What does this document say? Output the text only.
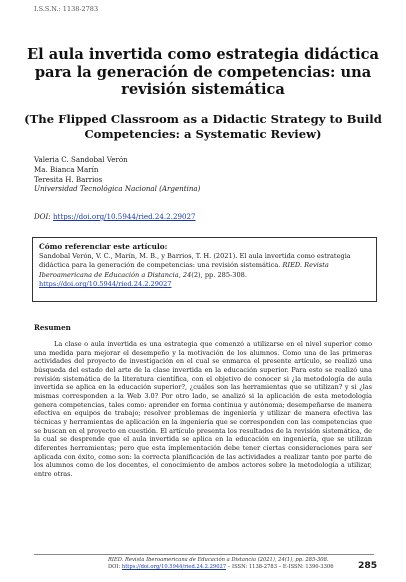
I.S.S.N.: 1138-2783
El aula invertida como estrategia didáctica para la generación de competencias: una revisión sistemática
(The Flipped Classroom as a Didactic Strategy to Build Competencies: a Systematic Review)
Valeria C. Sandobal Verón
Ma. Bianca Marín
Teresita H. Barrios
Universidad Tecnológica Nacional (Argentina)
DOI: https://doi.org/10.5944/ried.24.2.29027
Cómo referenciar este artículo:
Sandobal Verón, V. C., Marín, M. B., y Barrios, T. H. (2021). El aula invertida como estrategia didáctica para la generación de competencias: una revisión sistemática. RIED. Revista Iberoamericana de Educación a Distancia, 24(2), pp. 285-308. https://doi.org/10.5944/ried.24.2.29027
Resumen
La clase o aula invertida es una estrategia que comenzó a utilizarse en el nivel superior como una medida para mejorar el desempeño y la motivación de los alumnos. Como una de las primeras actividades del proyecto de investigación en el cual se enmarca el presente artículo, se realizó una búsqueda del estado del arte de la clase invertida en la educación superior. Para esto se realizó una revisión sistemática de la literatura científica, con el objetivo de conocer si ¿la metodología de aula invertida se aplica en la educación superior?, ¿cuáles son las herramientas que se utilizan? y si ¿las mismas corresponden a la Web 3.0? Por otro lado, se analizó si la aplicación de esta metodología genera competencias, tales como: aprender en forma continua y autónoma; desempeñarse de manera efectiva en equipos de trabajo; resolver problemas de ingeniería y utilizar de manera efectiva las técnicas y herramientas de aplicación en la ingeniería que se corresponden con las competencias que se buscan en el proyecto en cuestión. El artículo presenta los resultados de la revisión sistemática, de la cual se desprende que el aula invertida se aplica en la educación en ingeniería, que se utilizan diferentes herramientas; pero que esta implementación debe tener ciertas consideraciones para ser aplicada con éxito, como son: la correcta planificación de las actividades a realizar tanto por parte de los alumnos como de los docentes, el conocimiento de ambos actores sobre la metodología a utilizar, entre otras.
RIED. Revista Iberoamericana de Educación a Distancia (2021), 24(1), pp. 285-308.
DOI: https://doi.org/10.5944/ried.24.2.29027 – ISSN: 1138-2783 – E-ISSN: 1390-3306	285
